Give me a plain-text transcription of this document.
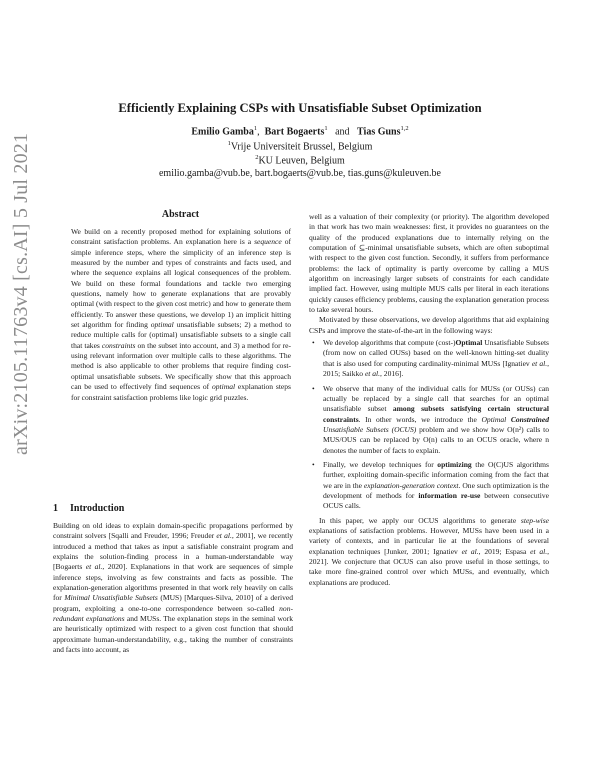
arXiv:2105.11763v4 [cs.AI] 5 Jul 2021
Efficiently Explaining CSPs with Unsatisfiable Subset Optimization
Emilio Gamba$^1$, Bart Bogaerts$^1$ and Tias Guns$^{1,2}$
$^1$Vrije Universiteit Brussel, Belgium
$^2$KU Leuven, Belgium
emilio.gamba@vub.be, bart.bogaerts@vub.be, tias.guns@kuleuven.be
Abstract

We build on a recently proposed method for explaining solutions of constraint satisfaction problems. An explanation here is a sequence of simple inference steps, where the simplicity of an inference step is measured by the number and types of constraints and facts used, and where the sequence explains all logical consequences of the problem. We build on these formal foundations and tackle two emerging questions, namely how to generate explanations that are provably optimal (with respect to the given cost metric) and how to generate them efficiently. To answer these questions, we develop 1) an implicit hitting set algorithm for finding optimal unsatisfiable subsets; 2) a method to reduce multiple calls for (optimal) unsatisfiable subsets to a single call that takes constraints on the subset into account, and 3) a method for re-using relevant information over multiple calls to these algorithms. The method is also applicable to other problems that require finding cost-optimal unsatisfiable subsets. We specifically show that this approach can be used to effectively find sequences of optimal explanation steps for constraint satisfaction problems like logic grid puzzles.

1 Introduction

Building on old ideas to explain domain-specific propagations performed by constraint solvers [Sqalli and Freuder, 1996; Freuder et al., 2001], we recently introduced a method that takes as input a satisfiable constraint program and explains the solution-finding process in a human-understandable way [Bogaerts et al., 2020]. Explanations in that work are sequences of simple inference steps, involving as few constraints and facts as possible. The explanation-generation algorithms presented in that work rely heavily on calls for Minimal Unsatisfiable Subsets (MUS) [Marques-Silva, 2010] of a derived program, exploiting a one-to-one correspondence between so-called non-redundant explanations and MUSs. The explanation steps in the seminal work are heuristically optimized with respect to a given cost function that should approximate human-understandability, e.g., taking the number of constraints and facts into account, as

well as a valuation of their complexity (or priority). The algorithm developed in that work has two main weaknesses: first, it provides no guarantees on the quality of the produced explanations due to internally relying on the computation of ⊆-minimal unsatisfiable subsets, which are often suboptimal with respect to the given cost function. Secondly, it suffers from performance problems: the lack of optimality is partly overcome by calling a MUS algorithm on increasingly larger subsets of constraints for each candidate implied fact. However, using multiple MUS calls per literal in each iterations quickly causes efficiency problems, causing the explanation generation process to take several hours.

Motivated by these observations, we develop algorithms that aid explaining CSPs and improve the state-of-the-art in the following ways:

• We develop algorithms that compute (cost-)Optimal Unsatisfiable Subsets (from now on called OUSs) based on the well-known hitting-set duality that is also used for computing cardinality-minimal MUSs [Ignatiev et al., 2015; Saikko et al., 2016].
• We observe that many of the individual calls for MUSs (or OUSs) can actually be replaced by a single call that searches for an optimal unsatisfiable subset among subsets satisfying certain structural constraints. In other words, we introduce the Optimal Constrained Unsatisfiable Subsets (OCUS) problem and we show how O(n²) calls to MUS/OUS can be replaced by O(n) calls to an OCUS oracle, where n denotes the number of facts to explain.
• Finally, we develop techniques for optimizing the O(C)US algorithms further, exploiting domain-specific information coming from the fact that we are in the explanation-generation context. One such optimization is the development of methods for information re-use between consecutive OCUS calls.

In this paper, we apply our OCUS algorithms to generate step-wise explanations of satisfaction problems. However, MUSs have been used in a variety of contexts, and in particular lie at the foundations of several explanation techniques [Junker, 2001; Ignatiev et al., 2019; Espasa et al., 2021]. We conjecture that OCUS can also prove useful in those settings, to take more fine-grained control over which MUSs, and eventually, which explanations are produced.
